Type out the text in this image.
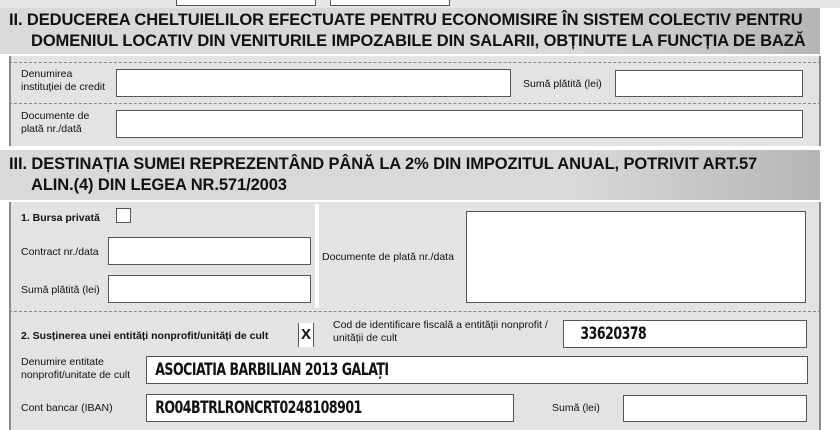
II. DEDUCEREA CHELTUIELILOR EFECTUATE PENTRU ECONOMISIRE ÎN SISTEM COLECTIV PENTRU
DOMENIUL LOCATIV DIN VENITURILE IMPOZABILE DIN SALARII, OBȚINUTE LA FUNCȚIA DE BAZĂ
Denumirea
instituției de credit	Sumă plătită (lei)
Documente de
plată nr./dată
III. DESTINAȚIA SUMEI REPREZENTÂND PÂNĂ LA 2% DIN IMPOZITUL ANUAL, POTRIVIT ART.57
ALIN.(4) DIN LEGEA NR.571/2003
1. Bursa privată
Contract nr./data
Sumă plătită (lei)
Documente de plată nr./data
2. Susținerea unei entități nonprofit/unități de cult X
Cod de identificare fiscală a entității nonprofit /
unității de cult	33620378
Denumire entitate
nonprofit/unitate de cult	ASOCIATIA BARBILIAN 2013 GALAȚI
Cont bancar (IBAN)	RO04BTRLRONCRT0248108901	Sumă (lei)
